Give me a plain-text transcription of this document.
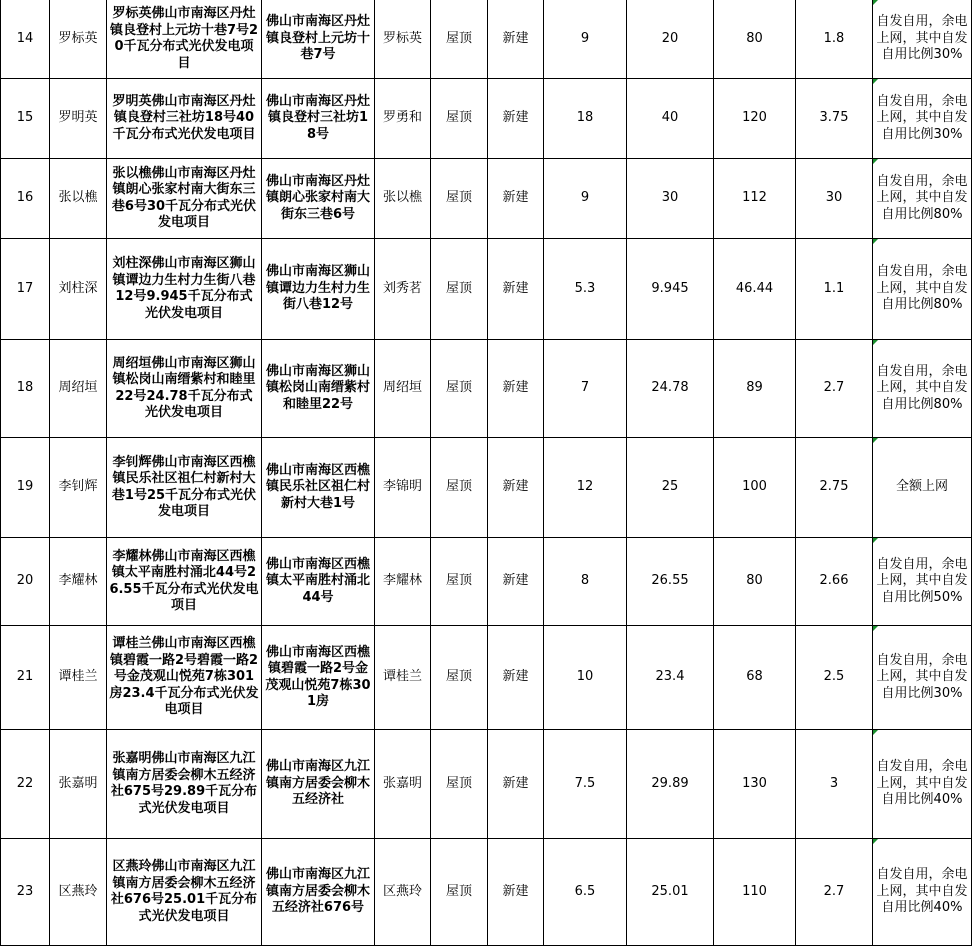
14	罗标英	罗标英佛山市南海区丹灶镇良登村上元坊十巷7号20千瓦分布式光伏发电项目	佛山市南海区丹灶镇良登村上元坊十巷7号	罗标英	屋顶	新建	9	20	80	1.8	自发自用，余电上网，其中自发自用比例30%
15	罗明英	罗明英佛山市南海区丹灶镇良登村三社坊18号40千瓦分布式光伏发电项目	佛山市南海区丹灶镇良登村三社坊18号	罗勇和	屋顶	新建	18	40	120	3.75	自发自用，余电上网，其中自发自用比例30%
16	张以樵	张以樵佛山市南海区丹灶镇朗心张家村南大街东三巷6号30千瓦分布式光伏发电项目	佛山市南海区丹灶镇朗心张家村南大街东三巷6号	张以樵	屋顶	新建	9	30	112	30	自发自用，余电上网，其中自发自用比例80%
17	刘柱深	刘柱深佛山市南海区狮山镇谭边力生村力生街八巷12号9.945千瓦分布式光伏发电项目	佛山市南海区狮山镇谭边力生村力生街八巷12号	刘秀茗	屋顶	新建	5.3	9.945	46.44	1.1	自发自用，余电上网，其中自发自用比例80%
18	周绍垣	周绍垣佛山市南海区狮山镇松岗山南缙紫村和睦里22号24.78千瓦分布式光伏发电项目	佛山市南海区狮山镇松岗山南缙紫村和睦里22号	周绍垣	屋顶	新建	7	24.78	89	2.7	自发自用，余电上网，其中自发自用比例80%
19	李钊辉	李钊辉佛山市南海区西樵镇民乐社区祖仁村新村大巷1号25千瓦分布式光伏发电项目	佛山市南海区西樵镇民乐社区祖仁村新村大巷1号	李锦明	屋顶	新建	12	25	100	2.75	全额上网
20	李耀林	李耀林佛山市南海区西樵镇太平南胜村涌北44号26.55千瓦分布式光伏发电项目	佛山市南海区西樵镇太平南胜村涌北44号	李耀林	屋顶	新建	8	26.55	80	2.66	自发自用，余电上网，其中自发自用比例50%
21	谭桂兰	谭桂兰佛山市南海区西樵镇碧霞一路2号碧霞一路2号金茂观山悦苑7栋301房23.4千瓦分布式光伏发电项目	佛山市南海区西樵镇碧霞一路2号金茂观山悦苑7栋301房	谭桂兰	屋顶	新建	10	23.4	68	2.5	自发自用，余电上网，其中自发自用比例30%
22	张嘉明	张嘉明佛山市南海区九江镇南方居委会柳木五经济社675号29.89千瓦分布式光伏发电项目	佛山市南海区九江镇南方居委会柳木五经济社	张嘉明	屋顶	新建	7.5	29.89	130	3	自发自用，余电上网，其中自发自用比例40%
23	区燕玲	区燕玲佛山市南海区九江镇南方居委会柳木五经济社676号25.01千瓦分布式光伏发电项目	佛山市南海区九江镇南方居委会柳木五经济社676号	区燕玲	屋顶	新建	6.5	25.01	110	2.7	自发自用，余电上网，其中自发自用比例40%
